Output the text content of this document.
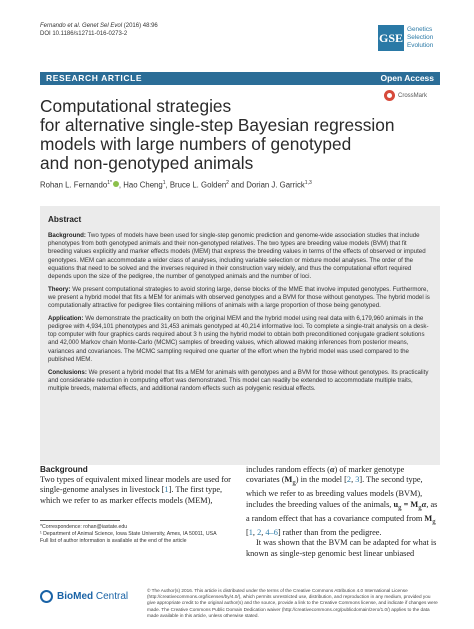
Fernando et al. Genet Sel Evol (2016) 48:96
DOI 10.1186/s12711-016-0273-2	GSE
Genetics
Selection
Evolution
RESEARCH ARTICLE	Open Access
CrossMark
Computational strategies
for alternative single-step Bayesian regression
models with large numbers of genotyped
and non-genotyped animals
Rohan L. Fernando$^{1*}$ , Hao Cheng$^1$, Bruce L. Golden$^2$ and Dorian J. Garrick$^{1,3}$
Abstract

Background: Two types of models have been used for single-step genomic prediction and genome-wide association studies that include phenotypes from both genotyped animals and their non-genotyped relatives. The two types are breeding value models (BVM) that fit breeding values explicitly and marker effects models (MEM) that express the breeding values in terms of the effects of observed or imputed genotypes. MEM can accommodate a wider class of analyses, including variable selection or mixture model analyses. The order of the equations that need to be solved and the inverses required in their construction vary widely, and thus the computational effort required depends upon the size of the pedigree, the number of genotyped animals and the number of loci.

Theory: We present computational strategies to avoid storing large, dense blocks of the MME that involve imputed genotypes. Furthermore, we present a hybrid model that fits a MEM for animals with observed genotypes and a BVM for those without genotypes. The hybrid model is computationally attractive for pedigree files containing millions of animals with a large proportion of those being genotyped.

Application: We demonstrate the practicality on both the original MEM and the hybrid model using real data with 6,179,960 animals in the pedigree with 4,934,101 phenotypes and 31,453 animals genotyped at 40,214 informative loci. To complete a single-trait analysis on a desk-top computer with four graphics cards required about 3 h using the hybrid model to obtain both preconditioned conjugate gradient solutions and 42,000 Markov chain Monte-Carlo (MCMC) samples of breeding values, which allowed making inferences from posterior means, variances and covariances. The MCMC sampling required one quarter of the effort when the hybrid model was used compared to the published MEM.

Conclusions: We present a hybrid model that fits a MEM for animals with genotypes and a BVM for those without genotypes. Its practicality and considerable reduction in computing effort was demonstrated. This model can readily be extended to accommodate multiple traits, multiple breeds, maternal effects, and additional random effects such as polygenic residual effects.

Background

Two types of equivalent mixed linear models are used for single-genome analyses in livestock [1]. The first type, which we refer to as marker effects models (MEM),

includes random effects (α) of marker genotype covariates $(M_g)$ in the model [2, 3]. The second type, which we refer to as breeding values models (BVM), includes the breeding values of the animals, $u_g = M_g\alpha$, as a random effect that has a covariance computed from $M_g$ [1, 2, 4–6] rather than from the pedigree.

It was shown that the BVM can be adapted for what is known as single-step genomic best linear unbiased

*Correspondence: rohan@iastate.edu

¹ Department of Animal Science, Iowa State University, Ames, IA 50011, USA

Full list of author information is available at the end of the article

BioMed Central
© The Author(s) 2016. This article is distributed under the terms of the Creative Commons Attribution 4.0 International License (http://creativecommons.org/licenses/by/4.0/), which permits unrestricted use, distribution, and reproduction in any medium, provided you give appropriate credit to the original author(s) and the source, provide a link to the Creative Commons license, and indicate if changes were made. The Creative Commons Public Domain Dedication waiver (http://creativecommons.org/publicdomain/zero/1.0/) applies to the data made available in this article, unless otherwise stated.
